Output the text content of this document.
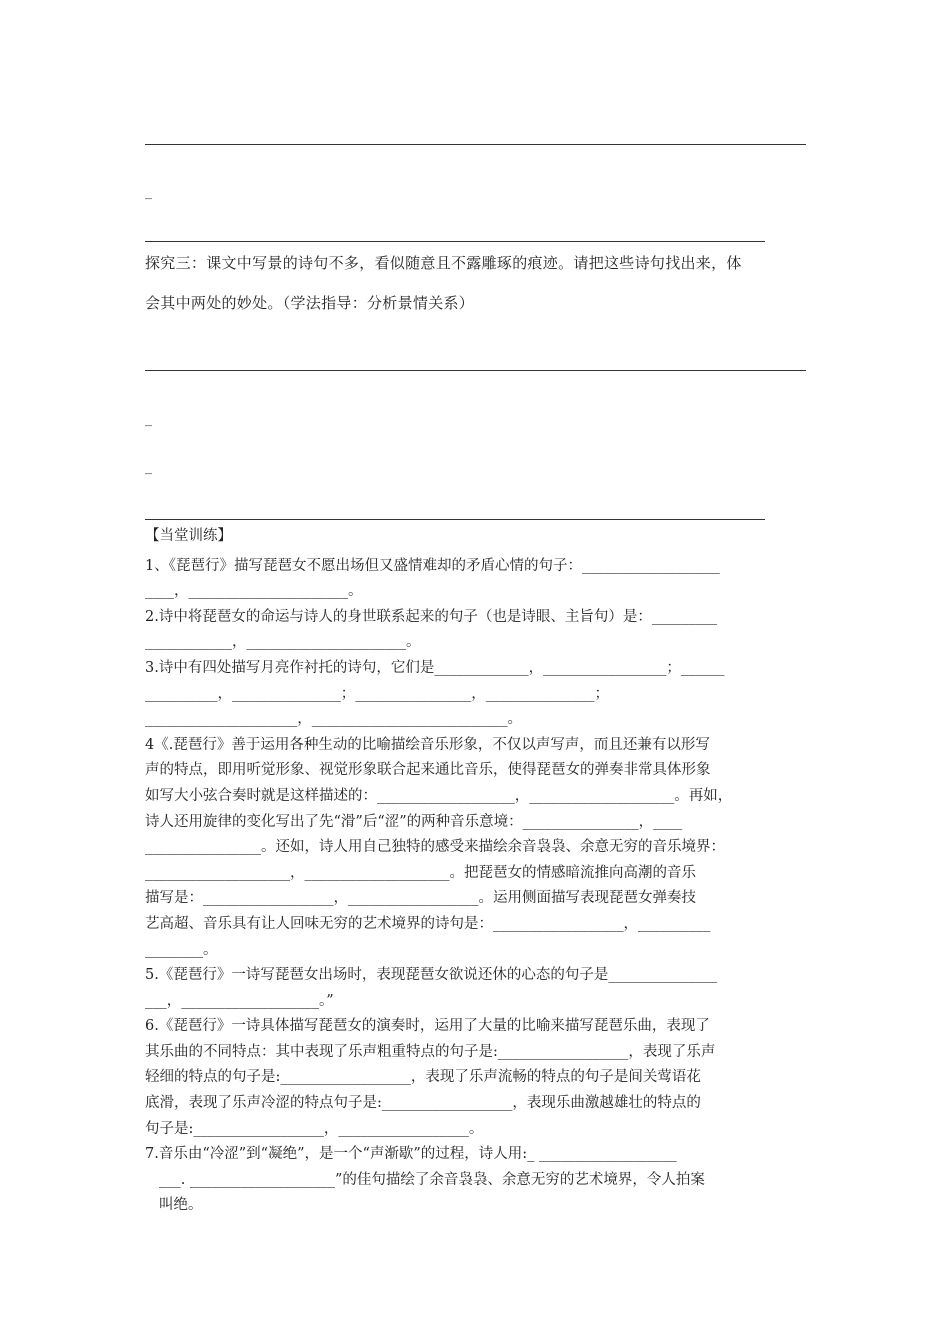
_
探究三：课文中写景的诗句不多，看似随意且不露雕琢的痕迹。请把这些诗句找出来，体
会其中两处的妙处。（学法指导：分析景情关系）
_
_

【当堂训练】

1、《琵琶行》描写琵琶女不愿出场但又盛情难却的矛盾心情的句子：___________________

____，______________________。

2.诗中将琵琶女的命运与诗人的身世联系起来的句子（也是诗眼、主旨句）是：_________

____________，______________________。

3.诗中有四处描写月亮作衬托的诗句，它们是_____________，_________________；______

__________，_______________；________________，_______________；

_____________________，___________________________。

4《.琵琶行》善于运用各种生动的比喻描绘音乐形象，不仅以声写声，而且还兼有以形写

声的特点，即用听觉形象、视觉形象联合起来通比音乐，使得琵琶女的弹奏非常具体形象

如写大小弦合奏时就是这样描述的：___________________，____________________。再如，

诗人还用旋律的变化写出了先“滑”后“涩”的两种音乐意境：________________，____

________________。还如，诗人用自己独特的感受来描绘余音袅袅、余意无穷的音乐境界：

____________________，____________________。把琵琶女的情感暗流推向高潮的音乐

描写是：__________________，__________________。运用侧面描写表现琵琶女弹奏技

艺高超、音乐具有让人回味无穷的艺术境界的诗句是：__________________，__________

________。

5.《琵琶行》一诗写琵琶女出场时，表现琵琶女欲说还休的心态的句子是_______________

___，___________________。”

6.《琵琶行》一诗具体描写琵琶女的演奏时，运用了大量的比喻来描写琵琶乐曲，表现了

其乐曲的不同特点：其中表现了乐声粗重特点的句子是:__________________，表现了乐声

轻细的特点的句子是:__________________，表现了乐声流畅的特点的句子是间关莺语花

底滑，表现了乐声冷涩的特点句子是:__________________，表现乐曲激越雄壮的特点的

句子是:__________________，__________________。

7.音乐由“冷涩”到“凝绝”，是一个“声渐歇”的过程，诗人用:_ ___________________

___. ____________________”的佳句描绘了余音袅袅、余意无穷的艺术境界，令人拍案

叫绝。
